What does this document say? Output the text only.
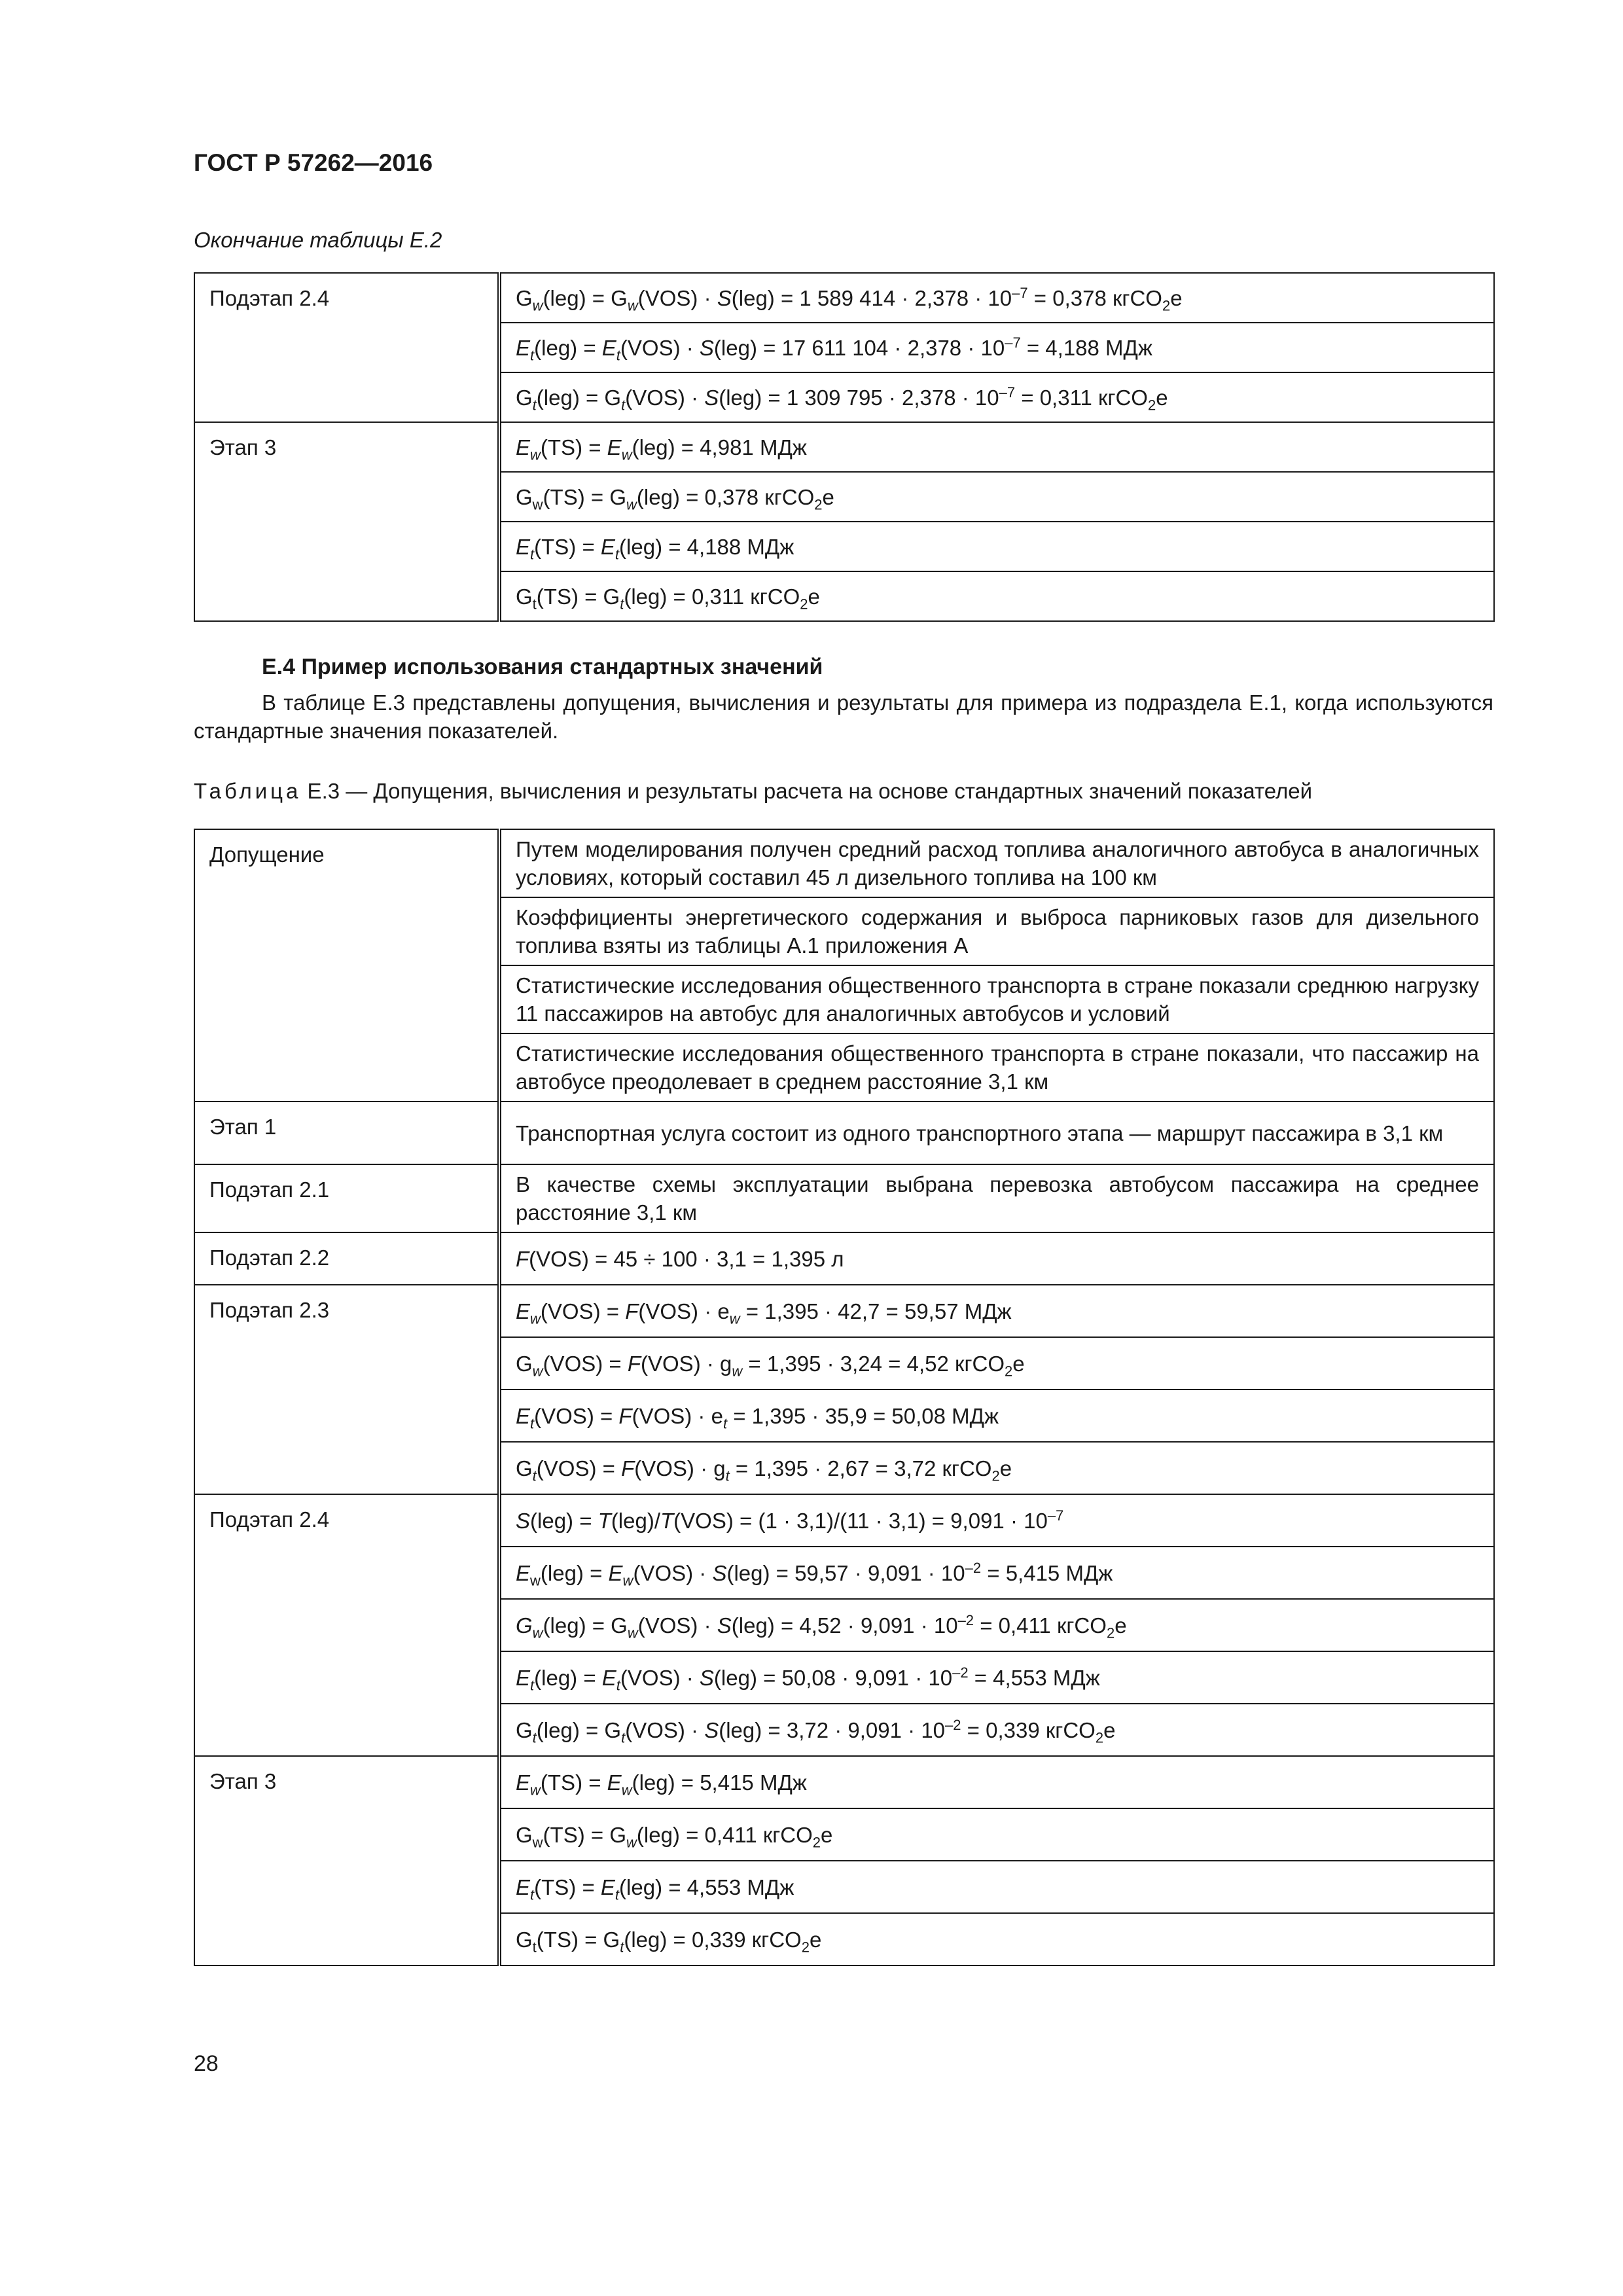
ГОСТ Р 57262—2016
Окончание таблицы Е.2
Подэтап 2.4	$G_w(leg) = G_w(VOS) \cdot S(leg) = 1$ 589 $414 \cdot 2,378 \cdot 10^{-7} = 0,378$ кгCO$_2$e
	$E_t(leg) = E_t(VOS) \cdot S(leg) = 17$ 611 $104 \cdot 2,378 \cdot 10^{-7} = 4,188$ МДж
	$G_t(leg) = G_t(VOS) \cdot S(leg) = 1$ 309 $795 \cdot 2,378 \cdot 10^{-7} = 0,311$ кгCO$_2$e
Этап 3	$E_w(TS) = E_w(leg) = 4,981$ МДж
	$G_w(TS) = G_w(leg) = 0,378$ кгCO$_2$e
	$E_t(TS) = E_t(leg) = 4,188$ МДж
	$G_t(TS) = G_t(leg) = 0,311$ кгCO$_2$e
Е.4 Пример использования стандартных значений

В таблице Е.3 представлены допущения, вычисления и результаты для примера из подраздела Е.1, когда используются стандартные значения показателей.

Таблица Е.3 — Допущения, вычисления и результаты расчета на основе стандартных значений показателей
Допущение	Путем моделирования получен средний расход топлива аналогичного автобуса в аналогичных условиях, который составил 45 л дизельного топлива на 100 км
	Коэффициенты энергетического содержания и выброса парниковых газов для дизельного топлива взяты из таблицы А.1 приложения А
	Статистические исследования общественного транспорта в стране показали среднюю нагрузку 11 пассажиров на автобус для аналогичных автобусов и условий
	Статистические исследования общественного транспорта в стране показали, что пассажир на автобусе преодолевает в среднем расстояние 3,1 км
Этап 1	Транспортная услуга состоит из одного транспортного этапа — маршрут пассажира в 3,1 км
Подэтап 2.1	В качестве схемы эксплуатации выбрана перевозка автобусом пассажира на среднее расстояние 3,1 км
Подэтап 2.2	F(VOS) = 45 ÷ 100 · 3,1 = 1,395 л
Подэтап 2.3	$E_w(VOS) = F(VOS) \cdot e_w = 1,395 \cdot 42,7 = 59,57$ МДж
	$G_w(VOS) = F(VOS) \cdot g_w = 1,395 \cdot 3,24 = 4,52$ кгCO$_2$e
	$E_t(VOS) = F(VOS) \cdot e_t = 1,395 \cdot 35,9 = 50,08$ МДж
	$G_t(VOS) = F(VOS) \cdot g_t = 1,395 \cdot 2,67 = 3,72$ кгCO$_2$e
Подэтап 2.4	$S(leg) = T(leg)/T(VOS) = (1 \cdot 3,1)/(11 \cdot 3,1) = 9,091 \cdot 10^{-7}$
	$E_w(leg) = E_w(VOS) \cdot S(leg) = 59,57 \cdot 9,091 \cdot 10^{-2} = 5,415$ МДж
	$G_w(leg) = G_w(VOS) \cdot S(leg) = 4,52 \cdot 9,091 \cdot 10^{-2} = 0,411$ кгCO$_2$e
	$E_t(leg) = E_t(VOS) \cdot S(leg) = 50,08 \cdot 9,091 \cdot 10^{-2} = 4,553$ МДж
	$G_t(leg) = G_t(VOS) \cdot S(leg) = 3,72 \cdot 9,091 \cdot 10^{-2} = 0,339$ кгCO$_2$e
Этап 3	$E_w(TS) = E_w(leg) = 5,415$ МДж
	$G_w(TS) = G_w(leg) = 0,411$ кгCO$_2$e
	$E_t(TS) = E_t(leg) = 4,553$ МДж
	$G_t(TS) = G_t(leg) = 0,339$ кгCO$_2$e
28
